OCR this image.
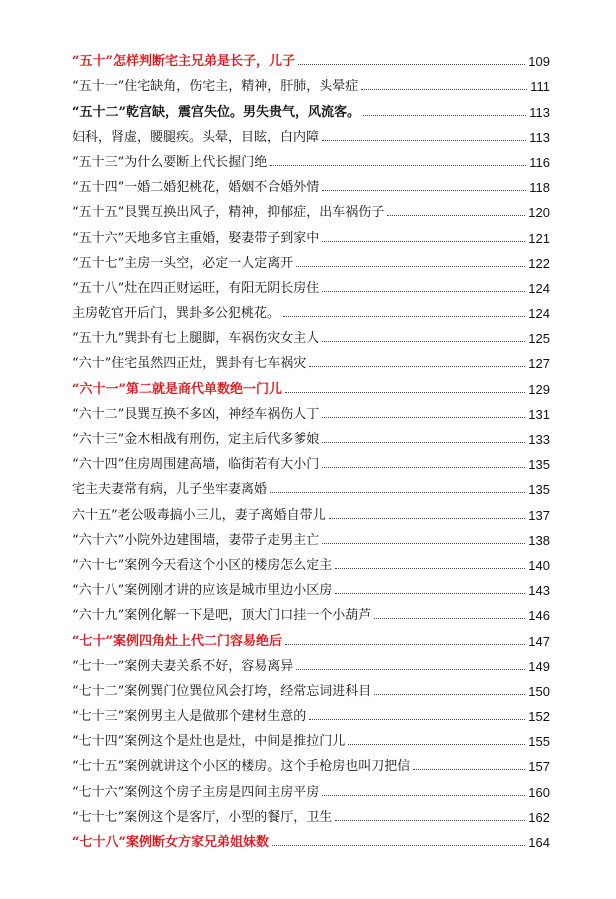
“五十”怎样判断宅主兄弟是长子，儿子	109
“五十一”住宅缺角，伤宅主，精神，肝肺，头晕症	111
“五十二”乾宫缺，震宫失位。男失贵气，风流客。	113
妇科，肾虚，腰腿疾。头晕，目眩，白内障	113
“五十三”为什么要断上代长握门绝	116
“五十四”一婚二婚犯桃花，婚姻不合婚外情	118
“五十五”艮巽互换出风子，精神，抑郁症，出车祸伤子	120
“五十六”天地多官主重婚，娶妻带子到家中	121
“五十七”主房一头空，必定一人定离开	122
“五十八”灶在四正财运旺，有阳无阴长房住	124
主房乾官开后门，巽卦多公犯桃花。	124
“五十九”巽卦有七上腿脚，车祸伤灾女主人	125
“六十”住宅虽然四正灶，巽卦有七车祸灾	127
“六十一”第二就是商代单数绝一门儿	129
“六十二”艮巽互换不多凶，神经车祸伤人丁	131
“六十三”金木相战有刑伤，定主后代多爹娘	133
“六十四”住房周围建高墙，临街若有大小门	135
宅主夫妻常有病，儿子坐牢妻离婚	135
六十五”老公吸毒搞小三儿，妻子离婚自带儿	137
“六十六”小院外边建围墙，妻带子走男主亡	138
“六十七”案例今天看这个小区的楼房怎么定主	140
“六十八”案例刚才讲的应该是城市里边小区房	143
“六十九”案例化解一下是吧，顶大门口挂一个小葫芦	146
“七十”案例四角灶上代二门容易绝后	147
“七十一”案例夫妻关系不好，容易离异	149
“七十二”案例巽门位巽位风会打垮，经常忘词进科目	150
“七十三”案例男主人是做那个建材生意的	152
“七十四”案例这个是灶也是灶，中间是推拉门儿	155
“七十五”案例就讲这个小区的楼房。这个手枪房也叫刀把信	157
“七十六”案例这个房子主房是四间主房平房	160
“七十七”案例这个是客厅，小型的餐厅，卫生	162
“七十八”案例断女方家兄弟姐妹数	164
